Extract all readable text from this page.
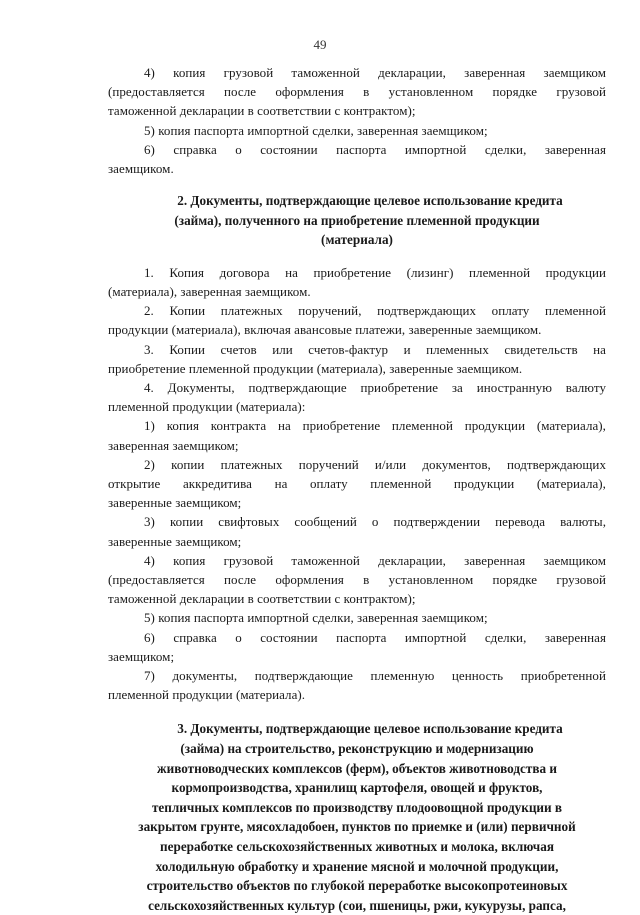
49

4) копия грузовой таможенной декларации, заверенная заемщиком

(предоставляется после оформления в установленном порядке грузовой

таможенной декларации в соответствии с контрактом);

5) копия паспорта импортной сделки, заверенная заемщиком;

6) справка о состоянии паспорта импортной сделки, заверенная

заемщиком.

2. Документы, подтверждающие целевое использование кредита

(займа), полученного на приобретение племенной продукции

(материала)

1. Копия договора на приобретение (лизинг) племенной продукции

(материала), заверенная заемщиком.

2. Копии платежных поручений, подтверждающих оплату племенной

продукции (материала), включая авансовые платежи, заверенные заемщиком.

3. Копии счетов или счетов-фактур и племенных свидетельств на

приобретение племенной продукции (материала), заверенные заемщиком.

4. Документы, подтверждающие приобретение за иностранную валюту

племенной продукции (материала):

1) копия контракта на приобретение племенной продукции (материала),

заверенная заемщиком;

2) копии платежных поручений и/или документов, подтверждающих

открытие аккредитива на оплату племенной продукции (материала),

заверенные заемщиком;

3) копии свифтовых сообщений о подтверждении перевода валюты,

заверенные заемщиком;

4) копия грузовой таможенной декларации, заверенная заемщиком

(предоставляется после оформления в установленном порядке грузовой

таможенной декларации в соответствии с контрактом);

5) копия паспорта импортной сделки, заверенная заемщиком;

6) справка о состоянии паспорта импортной сделки, заверенная

заемщиком;

7) документы, подтверждающие племенную ценность приобретенной

племенной продукции (материала).

3. Документы, подтверждающие целевое использование кредита

(займа) на строительство, реконструкцию и модернизацию

животноводческих комплексов (ферм), объектов животноводства и

кормопроизводства, хранилищ картофеля, овощей и фруктов,

тепличных комплексов по производству плодоовощной продукции в

закрытом грунте, мясохладобоен, пунктов по приемке и (или) первичной

переработке сельскохозяйственных животных и молока, включая

холодильную обработку и хранение мясной и молочной продукции,

строительство объектов по глубокой переработке высокопротеиновых

сельскохозяйственных культур (сои, пшеницы, ржи, кукурузы, рапса,
